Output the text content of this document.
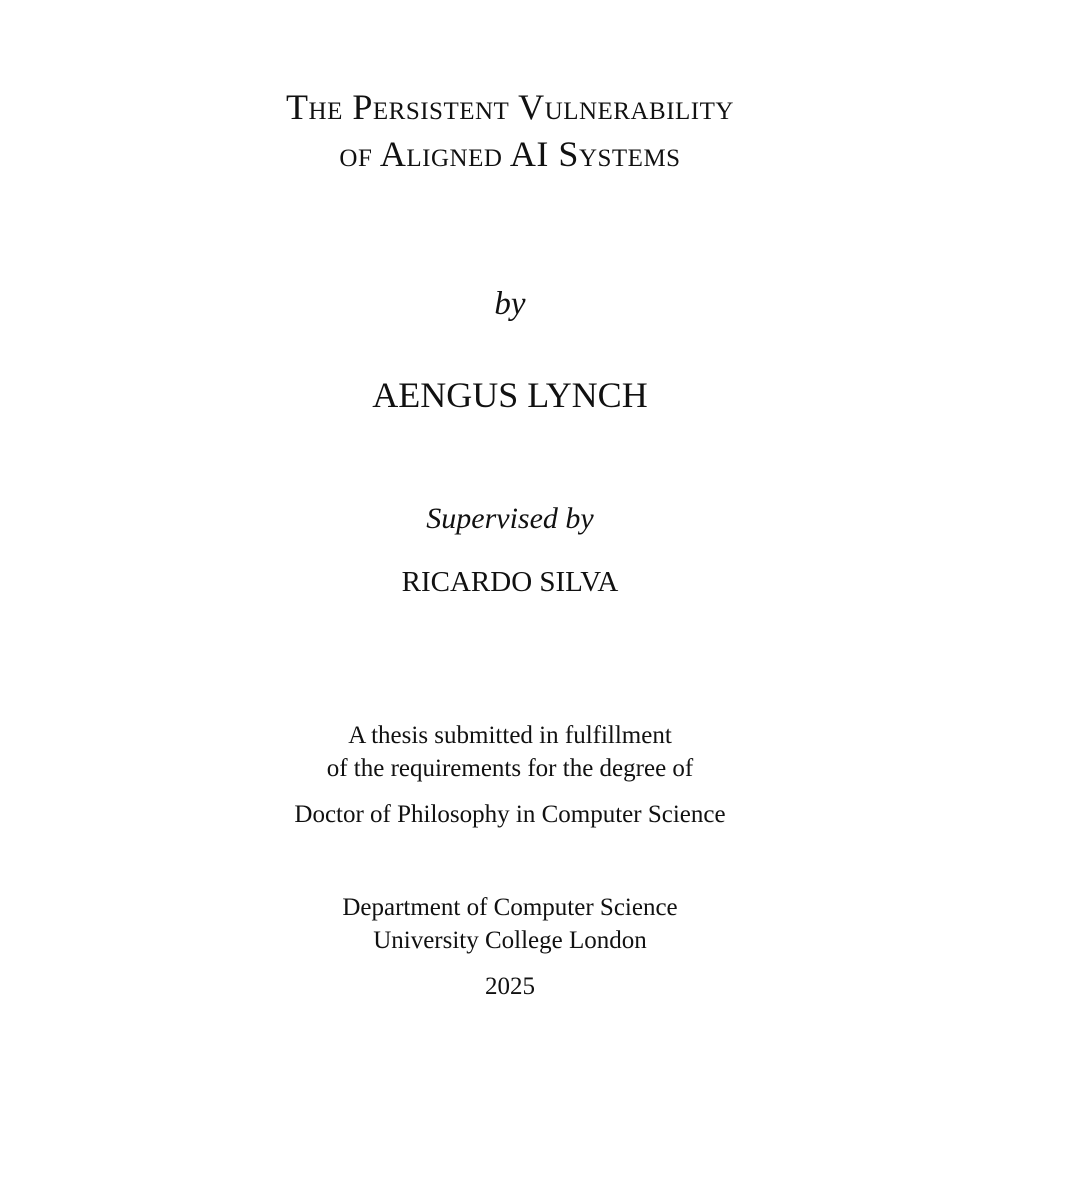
The Persistent Vulnerability
of Aligned AI Systems
by
AENGUS LYNCH
Supervised by
RICARDO SILVA
A thesis submitted in fulfillment
of the requirements for the degree of
Doctor of Philosophy in Computer Science
Department of Computer Science
University College London
2025
